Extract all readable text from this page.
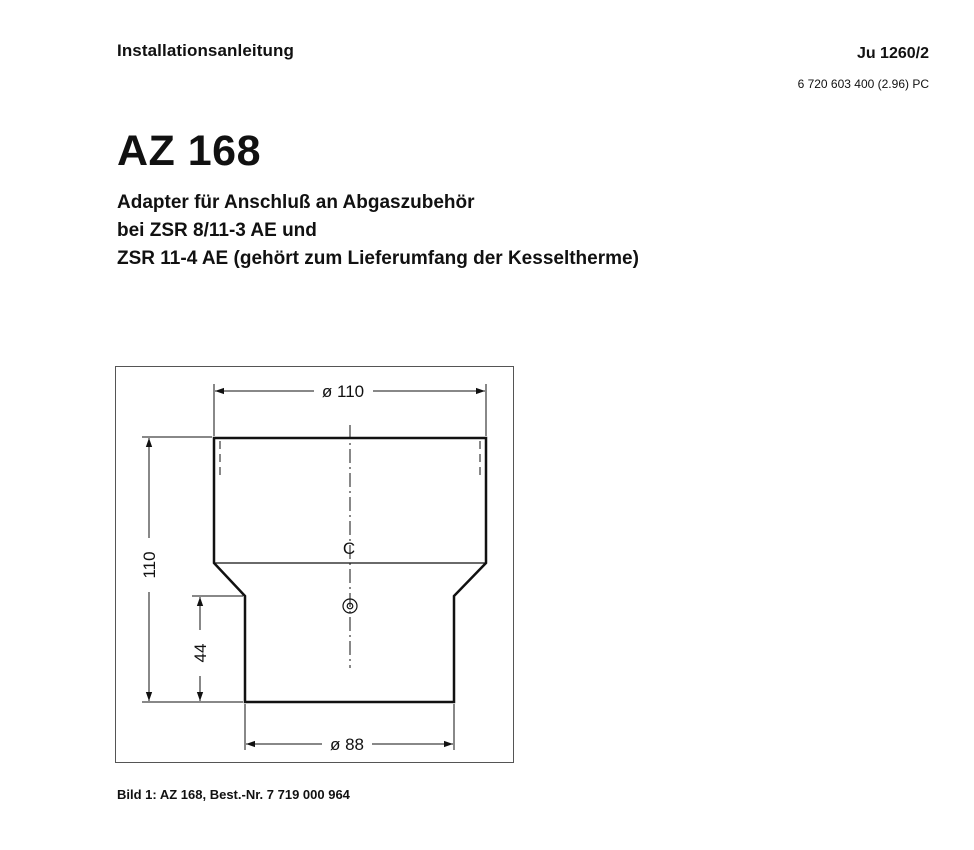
Installationsanleitung	Ju 1260/2
6 720 603 400 (2.96) PC
AZ 168
Adapter für Anschluß an Abgaszubehör
bei ZSR 8/11-3 AE und
ZSR 11-4 AE (gehört zum Lieferumfang der Kesseltherme)
ø 110
ø 88
110
44
C
Bild 1: AZ 168, Best.-Nr. 7 719 000 964
